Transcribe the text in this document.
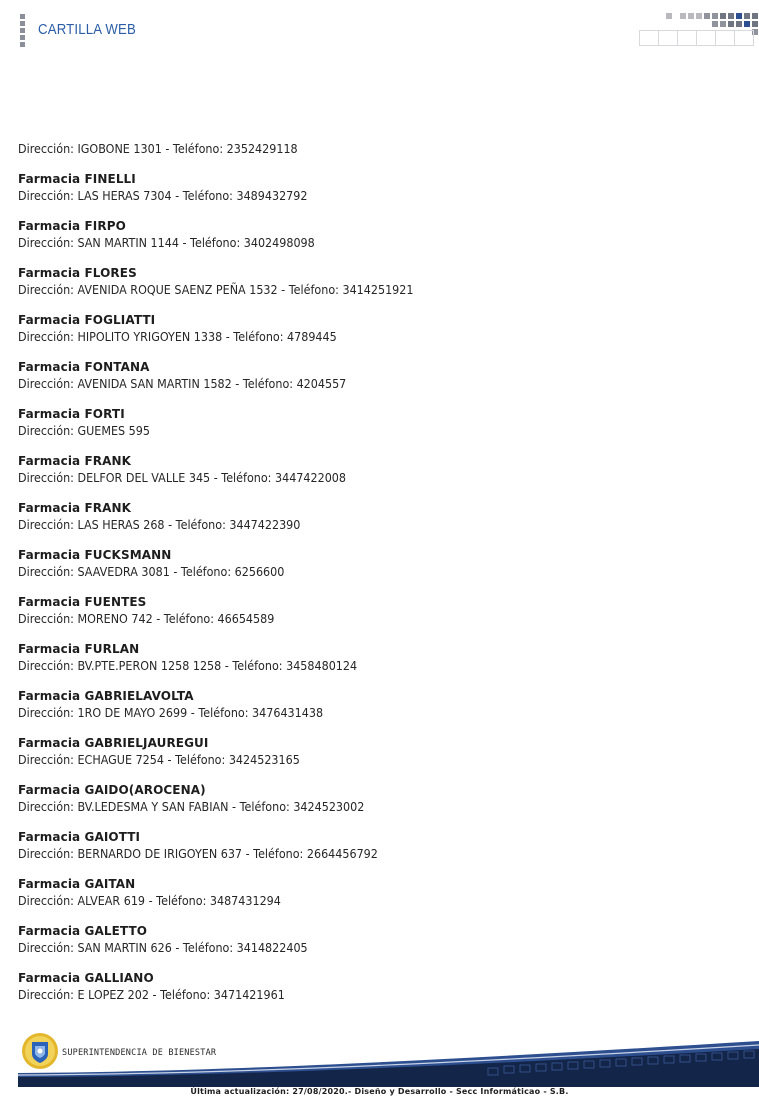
CARTILLA WEB
Dirección: IGOBONE 1301 - Teléfono: 2352429118
Farmacia FINELLI
Dirección: LAS HERAS 7304 - Teléfono: 3489432792
Farmacia FIRPO
Dirección: SAN MARTIN 1144 - Teléfono: 3402498098
Farmacia FLORES
Dirección: AVENIDA ROQUE SAENZ PEÑA 1532 - Teléfono: 3414251921
Farmacia FOGLIATTI
Dirección: HIPOLITO YRIGOYEN 1338 - Teléfono: 4789445
Farmacia FONTANA
Dirección: AVENIDA SAN MARTIN 1582 - Teléfono: 4204557
Farmacia FORTI
Dirección: GUEMES 595
Farmacia FRANK
Dirección: DELFOR DEL VALLE 345 - Teléfono: 3447422008
Farmacia FRANK
Dirección: LAS HERAS 268 - Teléfono: 3447422390
Farmacia FUCKSMANN
Dirección: SAAVEDRA 3081 - Teléfono: 6256600
Farmacia FUENTES
Dirección: MORENO 742 - Teléfono: 46654589
Farmacia FURLAN
Dirección: BV.PTE.PERON 1258 1258 - Teléfono: 3458480124
Farmacia GABRIELAVOLTA
Dirección: 1RO DE MAYO 2699 - Teléfono: 3476431438
Farmacia GABRIELJAUREGUI
Dirección: ECHAGUE 7254 - Teléfono: 3424523165
Farmacia GAIDO(AROCENA)
Dirección: BV.LEDESMA Y SAN FABIAN - Teléfono: 3424523002
Farmacia GAIOTTI
Dirección: BERNARDO DE IRIGOYEN 637 - Teléfono: 2664456792
Farmacia GAITAN
Dirección: ALVEAR 619 - Teléfono: 3487431294
Farmacia GALETTO
Dirección: SAN MARTIN 626 - Teléfono: 3414822405
Farmacia GALLIANO
Dirección: E LOPEZ 202 - Teléfono: 3471421961
SUPERINTENDENCIA DE BIENESTAR
Última actualización: 27/08/2020.- Diseño y Desarrollo - Secc Informáticao - S.B.
